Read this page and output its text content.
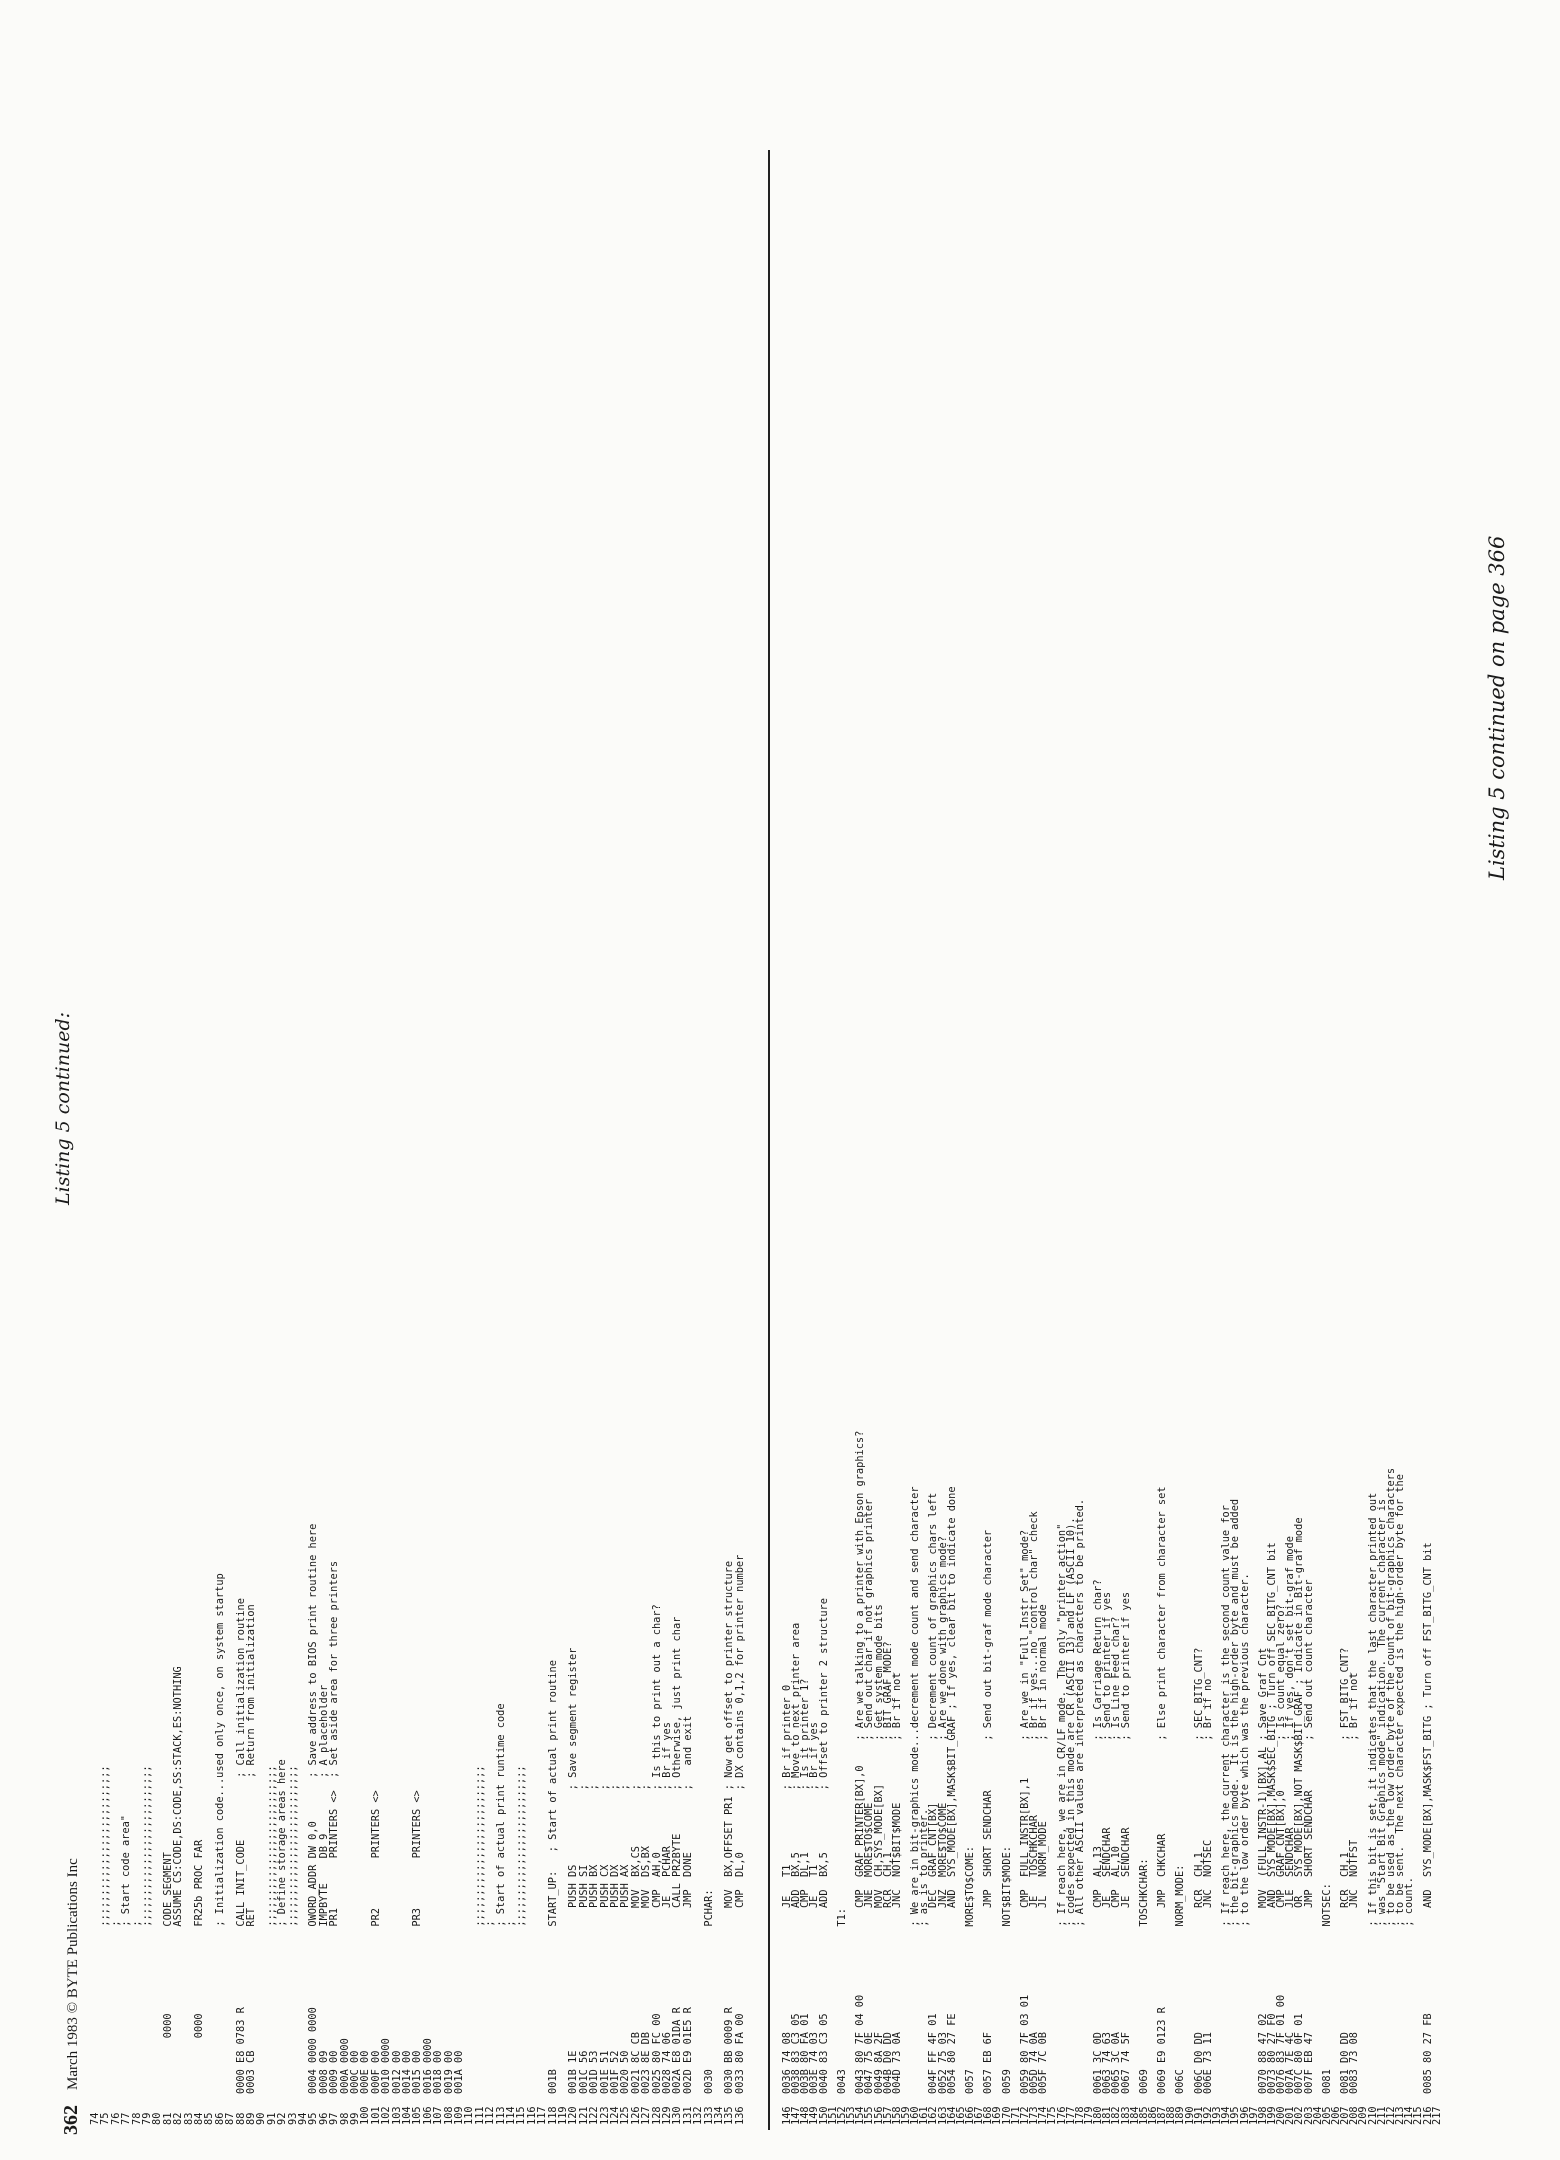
Listing 5 continued:
362    March 1983 © BYTE Publications Inc
Listing 5 continued on page 366
74
75                              ;;;;;;;;;;;;;;;;;;;;;;;;;;
76                              ;
77                              ; Start code area"
78                              ;
79                              ;;;;;;;;;;;;;;;;;;;;;;;;;;
80
81            0000              CODE SEGMENT
82                              ASSUME CS:CODE,DS:CODE,SS:STACK,ES:NOTHING
83
84            0000              FR25b PROC FAR
85
86                              ; Initialization code...used only once, on system startup
87
88   0000 E8 0783 R             CALL INIT_CODE          ; Call initialization routine
89   0003 CB                    RET                     ; Return from initialization
90
91                              ;;;;;;;;;;;;;;;;;;;;;;;;;;
92                              ; Define storage areas here
93                              ;;;;;;;;;;;;;;;;;;;;;;;;;;
94
95   0004 0000 0000             OWORD_ADDR DW 0,0       ; Save address to BIOS print routine here
96   0008 09                    IMPBYTE    DB 9         ; A placeholder
97   0009 00                    PR1        PRINTERS <>  ; Set aside area for three printers
98   000A 0000
99   000C 00
100  000E 00
101  000F 00                    PR2        PRINTERS <>
102  0010 0000
103  0012 00
104  0014 00
105  0015 00                    PR3        PRINTERS <>
106  0016 0000
107  0018 00
108  0019 00
109  001A 00
110
111                             ;;;;;;;;;;;;;;;;;;;;;;;;;;
112                             ;
113                             ; Start of actual print runtime code
114                             ;
115                             ;;;;;;;;;;;;;;;;;;;;;;;;;;
116
117
118  001B                       START_UP:   ; Start of actual print routine
119
120  001B 1E                       PUSH DS            ; Save segment register
121  001C 56                       PUSH SI            ;
122  001D 53                       PUSH BX            ;
123  001E 51                       PUSH CX            ;
124  001F 52                       PUSH DX            ;
125  0020 50                       PUSH AX            ;
126  0021 8C CB                    MOV  BX,CS         ;
127  0023 8E DB                    MOV  DS,BX         ;
128  0025 80 FC 00                 CMP  AH,0          ; Is this to print out a char?
129  0028 74 06                    JE   PCHAR         ; Br if yes
130  002A E8 01DA R                CALL PR2BYTE       ; Otherwise, just print char
131  002D E9 01E5 R                JMP  DONE          ;   and exit
132
133  0030                       PCHAR:
134
135  0030 BB 0009 R                MOV  BX,OFFSET PR1 ; Now get offset to printer structure
136  0033 80 FA 00                 CMP  DL,0          ; DX contains 0,1,2 for printer number	146  0036 74 08                    JE   T1            ; Br if printer 0
147  0038 83 C3 05                 ADD  BX,5          ; Move to next printer area
148  003B 80 FA 01                 CMP  DL,1          ; Is it printer 1?
149  003E 74 03                    JE   T1            ; Br if yes
150  0040 83 C3 05                 ADD  BX,5          ; Offset to printer 2 structure
151
152  0043                       T1:
153
154  0043 80 7F 04 00              CMP  GRAF_PRINTER[BX],0    ; Are we talking to a printer with Epson graphics?
155  0047 75 0E                    JNE  MORE$TO$COME          ; Send out char if not graphics printer
156  0049 8A 2F                    MOV  CH,SYS_MODE[BX]       ; Get system mode bits
157  004B D0 DD                    RCR  CH,1                  ; BIT_GRAF_MODE?
158  004D 73 0A                    JNC  NOT$BIT$MODE          ; Br if not
159
160                             ; We are in bit-graphics mode...decrement mode count and send character
161                             ; as is to printer.
162  004F FF 4F 01                 DEC  GRAF_CNT[BX]          ; Decrement count of graphics chars left
163  0052 75 03                    JNZ  MORE$TO$COME          ; Are we done with graphics mode?
164  0054 80 27 FE                 AND  SYS_MODE[BX],MASK$BIT_GRAF ; If yes, clear bit to indicate done
165
166  0057                       MORE$TO$COME:
167
168  0057 EB 6F                    JMP  SHORT SENDCHAR        ; Send out bit-graf mode character
169
170  0059                       NOT$BIT$MODE:
171
172  0059 80 7F 03 01              CMP  FULL_INSTR[BX],1      ; Are we in "Full Instr Set" mode?
173  005D 74 0A                    JE   TOSCHKCHAR            ; Br if yes...no "control char" check
174  005F 7C 0B                    JL   NORM_MODE             ; Br if in normal mode
175
176                             ; If reach here, we are in CR/LF mode.  The only "printer action"
177                             ; codes expected in this mode are CR (ASCII 13) and LF (ASCII 10).
178                             ; All other ASCII values are interpreted as characters to be printed.
179
180  0061 3C 0D                    CMP  AL,13                 ; Is Carriage Return char?
181  0063 74 63                    JE   SENDCHAR              ; Send to printer if yes
182  0065 3C 0A                    CMP  AL,10                 ; Is Line Feed char?
183  0067 74 5F                    JE   SENDCHAR              ; Send to printer if yes
184
185  0069                       TOSCHKCHAR:
186
187  0069 E9 0123 R                JMP  CHKCHAR               ; Else print character from character set
188
189  006C                       NORM_MODE:
190
191  006C D0 DD                    RCR  CH,1                  ; SEC_BITG_CNT?
192  006E 73 11                    JNC  NOTSEC                ; Br if no
193
194                             ; If reach here, the current character is the second count value for
195                             ; the bit-graphics mode.  It is the high-order byte and must be added
196                             ; to the low order byte which was the previous character.
197
198  0070 88 47 02                 MOV  (FULL_INSTR-1)[BX],AL ; Save Graf Cnt
199  0073 80 27 F0                 AND  SYS_MODE[BX],MASK$SEC_BITG ; Turn off SEC_BITG_CNT bit
200  0076 83 7F 01 00              CMP  GRAF_CNT[BX],0        ; Is count equal zero?
201  007A 7E 4C                    JLE  SENDCHAR              ; If yes, don't set bit-graf mode
202  007C 80 0F 01                 OR   SYS_MODE[BX],NOT MASK$BIT_GRAF ; Indicate in Bit-graf mode
203  007F EB 47                    JMP  SHORT SENDCHAR        ; Send out count character
204
205  0081                       NOTSEC:
206
207  0081 D0 DD                    RCR  CH,1                  ; FST_BITG_CNT?
208  0083 73 08                    JNC  NOTFST                ; Br if not
209
210                             ; If this bit is set, it indicates that the last character printed out
211                             ; was "Start Bit Graphics mode" indication.  The current character is
212                             ; to be used as the low order byte of the count of bit-graphics characters
213                             ; to be sent.  The next character expected is the high-order byte for the
214                             ; count.
215
216  0085 80 27 FB                 AND  SYS_MODE[BX],MASK$FST_BITG ; Turn off FST_BITG_CNT bit
217
